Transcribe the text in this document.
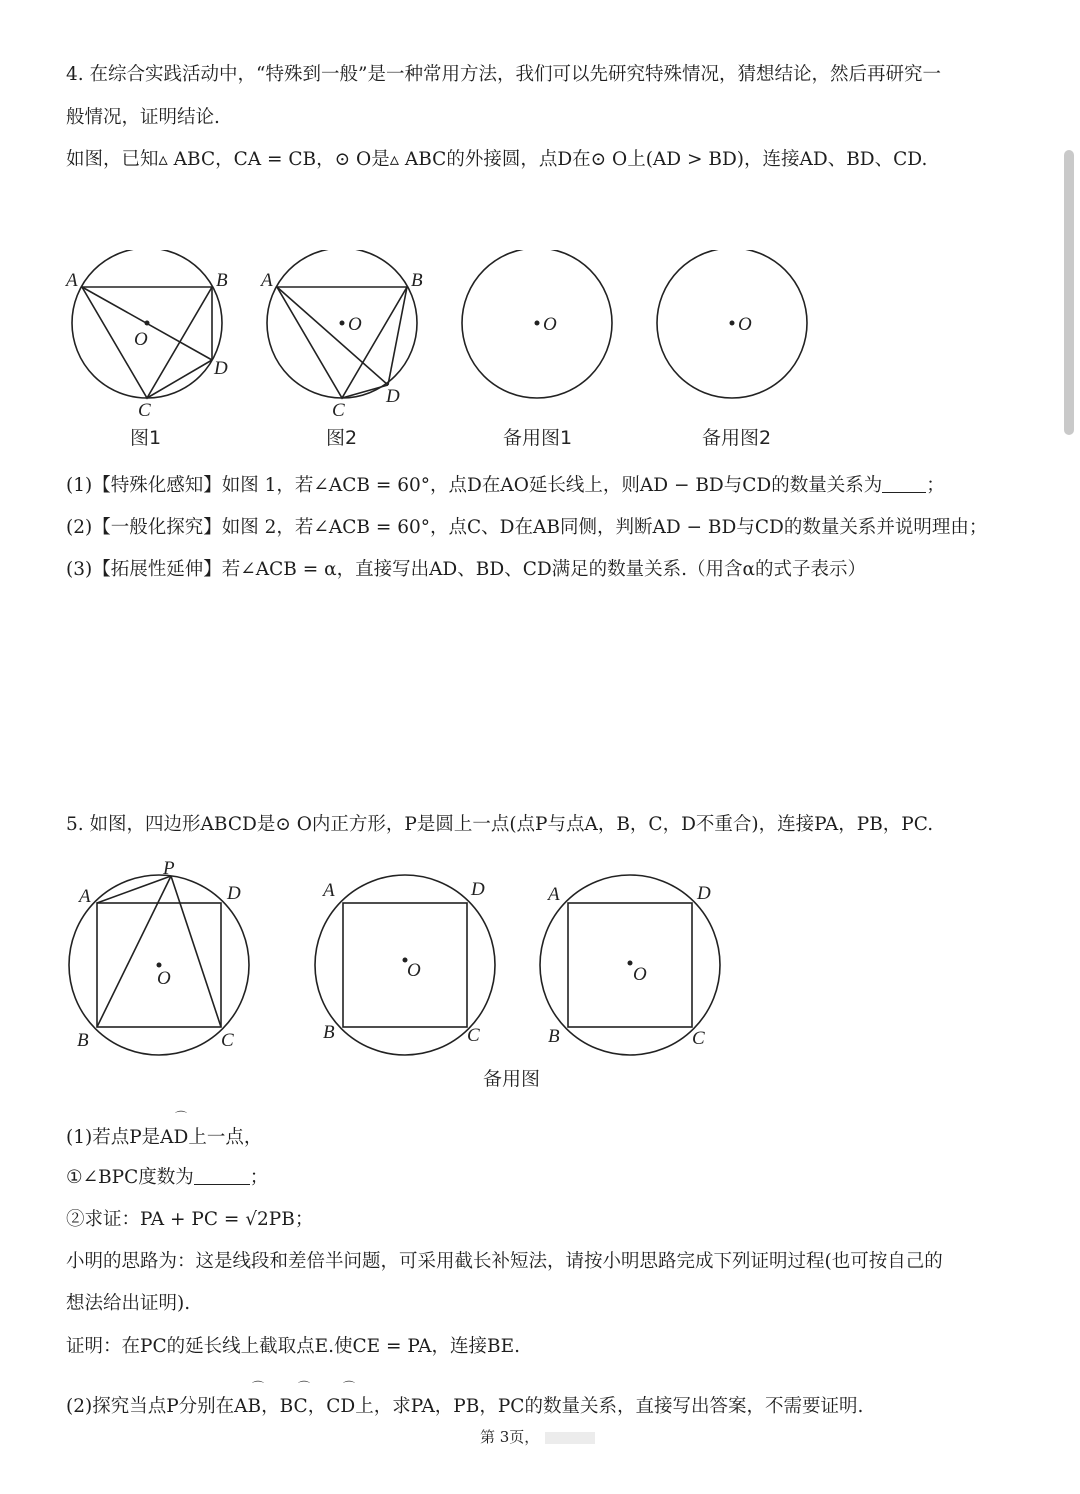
4. 在综合实践活动中，“特殊到一般”是一种常用方法，我们可以先研究特殊情况，猜想结论，然后再研究一
般情况，证明结论.
如图，已知▵ ABC，CA = CB，⊙ O是▵ ABC的外接圆，点D在⊙ O上(AD > BD)，连接AD、BD、CD.
A	B
O
D
C
A	B
O
D
C
O	O
图1	图2	备用图1	备用图2
(1)【特殊化感知】如图 1，若∠ACB = 60°，点D在AO延长线上，则AD − BD与CD的数量关系为 ；
(2)【一般化探究】如图 2，若∠ACB = 60°，点C、D在AB同侧，判断AD − BD与CD的数量关系并说明理由；
(3)【拓展性延伸】若∠ACB = α，直接写出AD、BD、CD满足的数量关系.（用含α的式子表示）
5. 如图，四边形ABCD是⊙ O内正方形，P是圆上一点(点P与点A，B，C，D不重合)，连接PA，PB，PC.
P
A	D
O
B	C
A	D
O
B	C
A	D
O
B	C
备用图
⌒
(1)若点P是AD上一点，
①∠BPC度数为	；
②求证：PA + PC = √2PB；
小明的思路为：这是线段和差倍半问题，可采用截长补短法，请按小明思路完成下列证明过程(也可按自己的
想法给出证明).
证明：在PC的延长线上截取点E.使CE = PA，连接BE.
⌒	⌒	⌒
(2)探究当点P分别在AB，BC，CD上，求PA，PB，PC的数量关系，直接写出答案，不需要证明.
第 3页，
